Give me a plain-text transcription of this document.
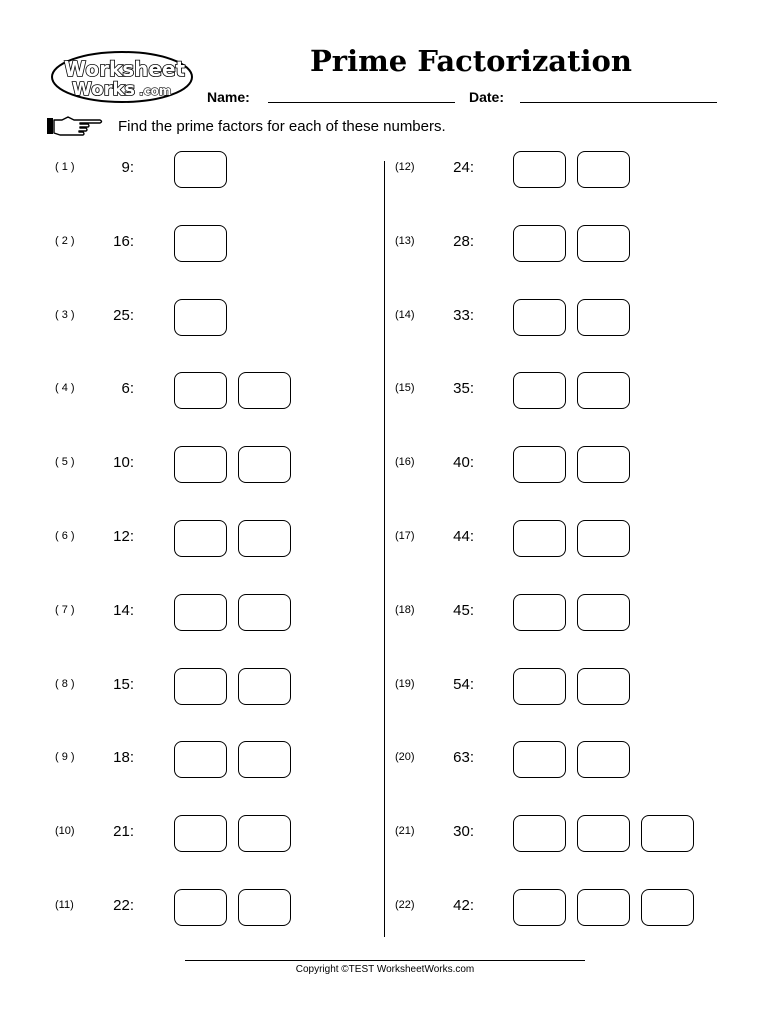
Worksheet
Works .com
Prime Factorization
Name:	Date:
Find the prime factors for each of these numbers.
( 1 )	9:
( 2 )	16:
( 3 )	25:
( 4 )	6:
( 5 )	10:
( 6 )	12:
( 7 )	14:
( 8 )	15:
( 9 )	18:
(10)	21:
(11)	22:
(12)	24:
(13)	28:
(14)	33:
(15)	35:
(16)	40:
(17)	44:
(18)	45:
(19)	54:
(20)	63:
(21)	30:
(22)	42:
Copyright ©TEST WorksheetWorks.com
